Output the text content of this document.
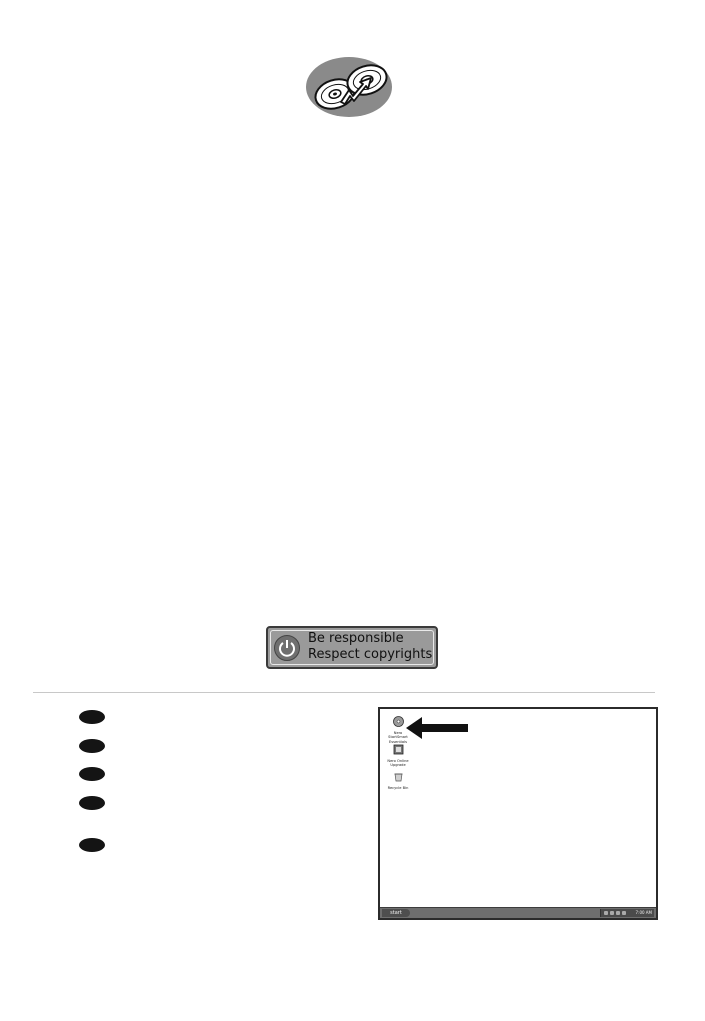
Be responsible
Respect copyrights
Nero
StartSmart
Essentials
Nero Online
Upgrade
Recycle Bin
start	7:00 AM
